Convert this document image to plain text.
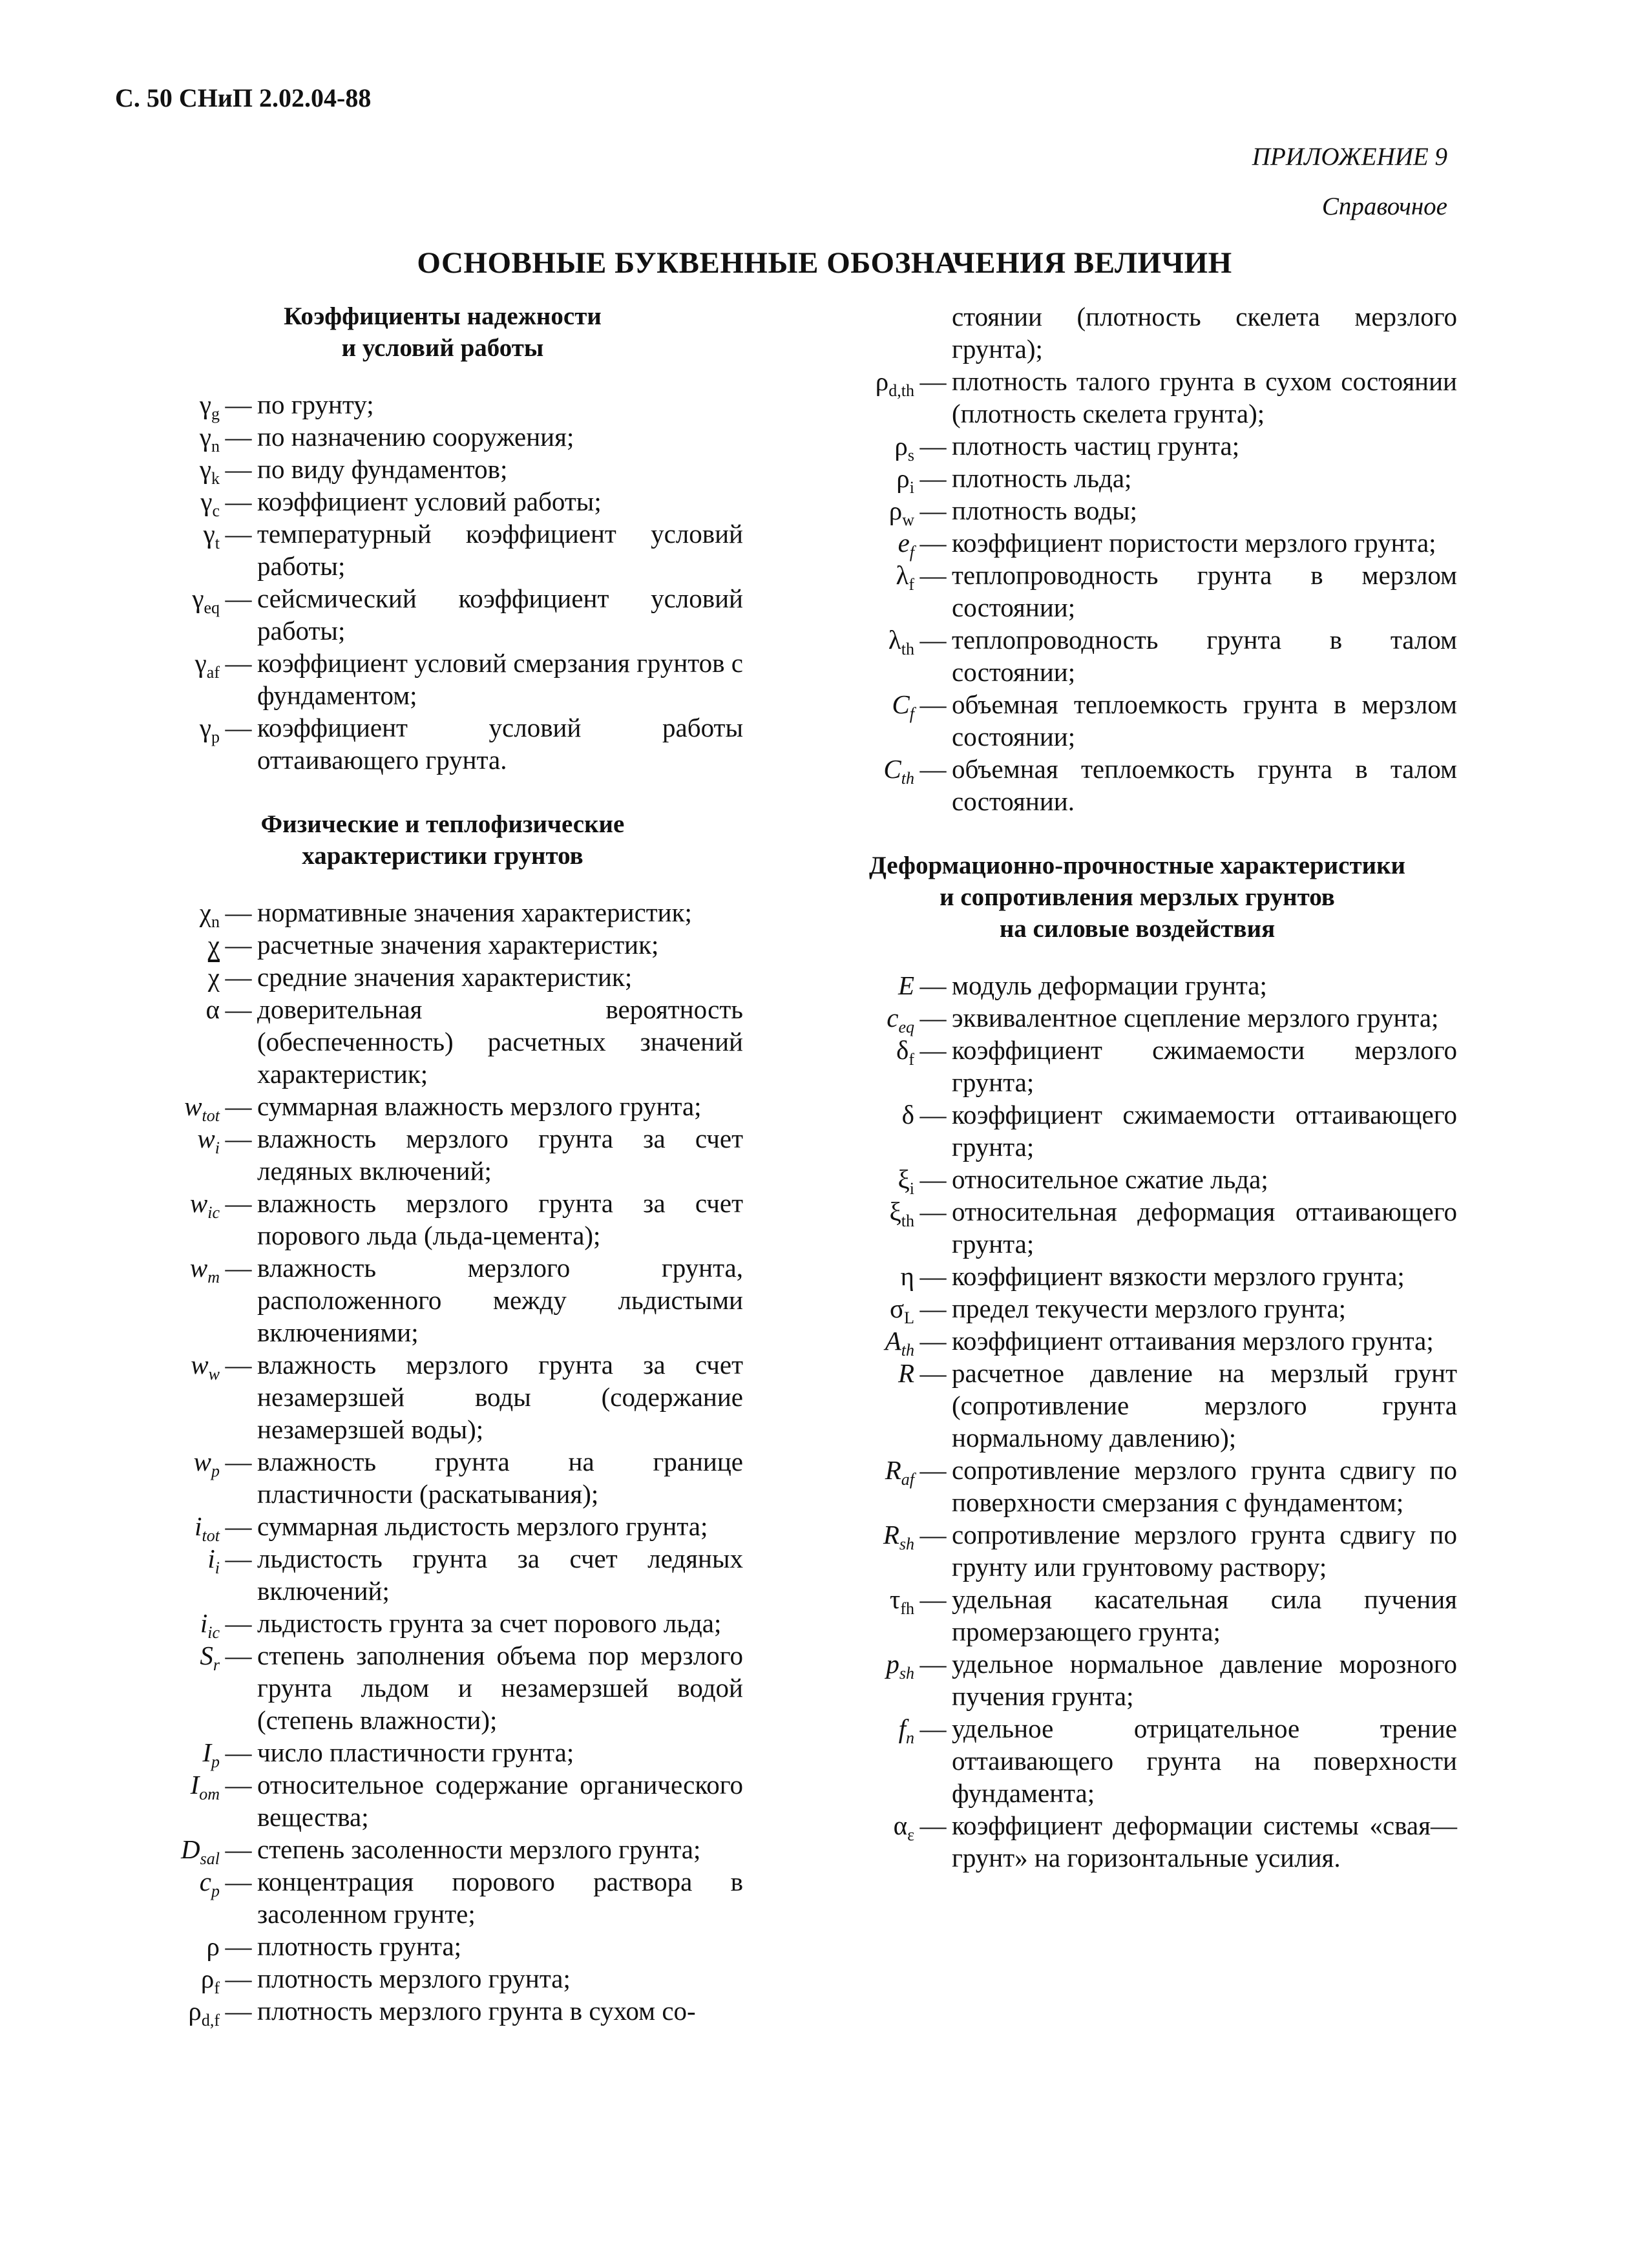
С. 50 СНиП 2.02.04-88
ПРИЛОЖЕНИЕ 9
Справочное
ОСНОВНЫЕ БУКВЕННЫЕ ОБОЗНАЧЕНИЯ ВЕЛИЧИН
Коэффициенты надежности
и условий работы
$\gamma_g$ — по грунту;
$\gamma_n$ — по назначению сооружения;
$\gamma_k$ — по виду фундаментов;
$\gamma_c$ — коэффициент условий работы;
$\gamma_t$ — температурный коэффициент условий работы;
$\gamma_{eq}$ — сейсмический коэффициент условий работы;
$\gamma_{af}$ — коэффициент условий смерзания грунтов с фундаментом;
$\gamma_p$ — коэффициент условий работы оттаивающего грунта.
Физические и теплофизические
характеристики грунтов
$\chi_n$ — нормативные значения характеристик;
χ — расчетные значения характеристик;
$\overline{\chi}$ — средние значения характеристик;
α — доверительная вероятность (обеспеченность) расчетных значений характеристик;
$w_{tot}$ — суммарная влажность мерзлого грунта;
$w_i$ — влажность мерзлого грунта за счет ледяных включений;
$w_{ic}$ — влажность мерзлого грунта за счет порового льда (льда-цемента);
$w_m$ — влажность мерзлого грунта, расположенного между льдистыми включениями;
$w_w$ — влажность мерзлого грунта за счет незамерзшей воды (содержание незамерзшей воды);
$w_p$ — влажность грунта на границе пластичности (раскатывания);
$i_{tot}$ — суммарная льдистость мерзлого грунта;
$i_i$ — льдистость грунта за счет ледяных включений;
$i_{ic}$ — льдистость грунта за счет порового льда;
$S_r$ — степень заполнения объема пор мерзлого грунта льдом и незамерзшей водой (степень влажности);
$I_p$ — число пластичности грунта;
$I_{om}$ — относительное содержание органического вещества;
$D_{sal}$ — степень засоленности мерзлого грунта;
$c_p$ — концентрация порового раствора в засоленном грунте;
ρ — плотность грунта;
$\rho_f$ — плотность мерзлого грунта;
$\rho_{d,f}$ — плотность мерзлого грунта в сухом со-
стоянии (плотность скелета мерзлого грунта);
$\rho_{d,th}$ — плотность талого грунта в сухом состоянии (плотность скелета грунта);
$\rho_s$ — плотность частиц грунта;
$\rho_i$ — плотность льда;
$\rho_w$ — плотность воды;
$e_f$ — коэффициент пористости мерзлого грунта;
$\lambda_f$ — теплопроводность грунта в мерзлом состоянии;
$\lambda_{th}$ — теплопроводность грунта в талом состоянии;
$C_f$ — объемная теплоемкость грунта в мерзлом состоянии;
$C_{th}$ — объемная теплоемкость грунта в талом состоянии.
Деформационно-прочностные характеристики
и сопротивления мерзлых грунтов
на силовые воздействия
E — модуль деформации грунта;
$c_{eq}$ — эквивалентное сцепление мерзлого грунта;
$\delta_f$ — коэффициент сжимаемости мерзлого грунта;
δ — коэффициент сжимаемости оттаивающего грунта;
$\xi_i$ — относительное сжатие льда;
$\xi_{th}$ — относительная деформация оттаивающего грунта;
η — коэффициент вязкости мерзлого грунта;
$\sigma_L$ — предел текучести мерзлого грунта;
$A_{th}$ — коэффициент оттаивания мерзлого грунта;
R — расчетное давление на мерзлый грунт (сопротивление мерзлого грунта нормальному давлению);
$R_{af}$ — сопротивление мерзлого грунта сдвигу по поверхности смерзания с фундаментом;
$R_{sh}$ — сопротивление мерзлого грунта сдвигу по грунту или грунтовому раствору;
$\tau_{fh}$ — удельная касательная сила пучения промерзающего грунта;
$p_{sh}$ — удельное нормальное давление морозного пучения грунта;
$f_n$ — удельное отрицательное трение оттаивающего грунта на поверхности фундамента;
$\alpha_\varepsilon$ — коэффициент деформации системы «свая—грунт» на горизонтальные усилия.
